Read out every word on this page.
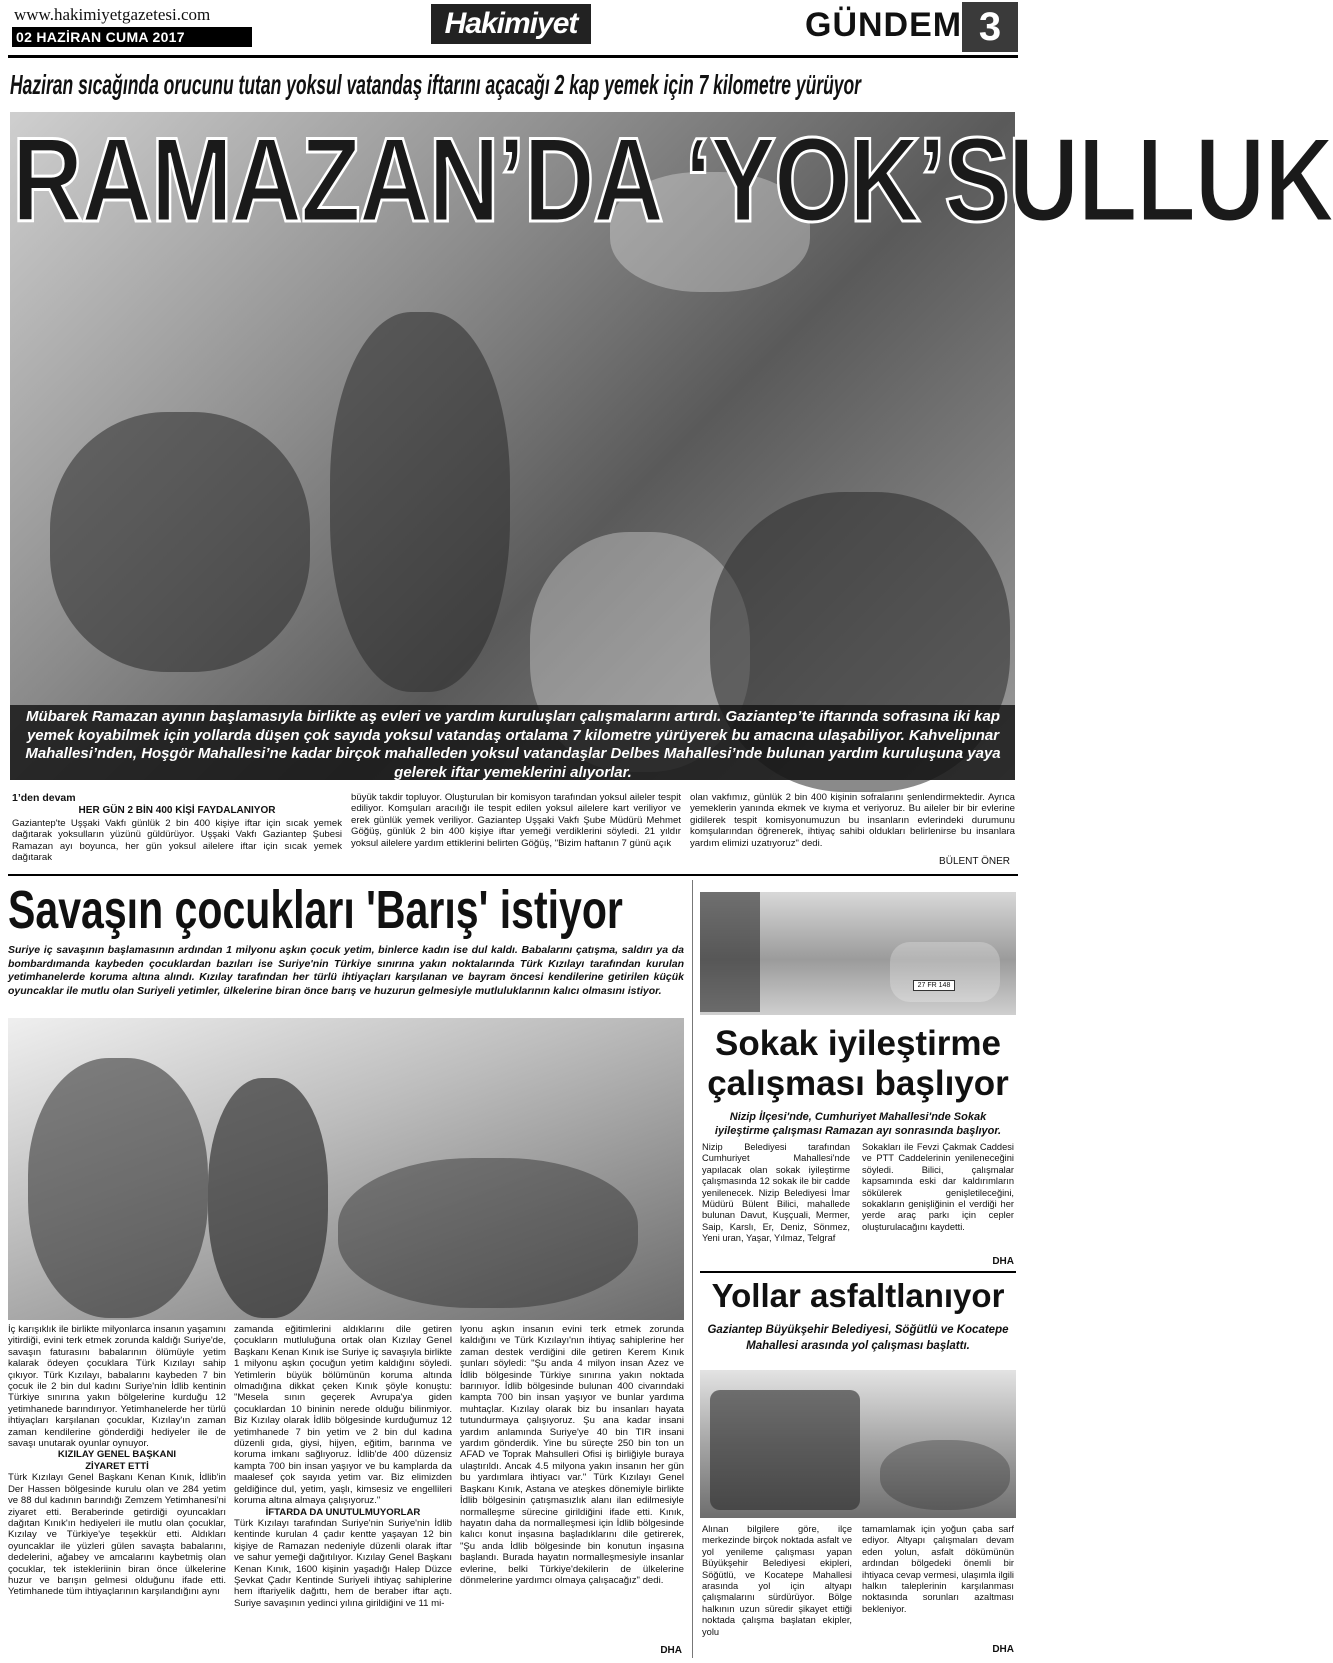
www.hakimiyetgazetesi.com
02 HAZİRAN CUMA 2017	Hakimiyet	GÜNDEM 3
Haziran sıcağında orucunu tutan yoksul vatandaş iftarını açacağı 2 kap yemek için 7 kilometre yürüyor
RAMAZAN’DA ‘YOK’SULLUK
Mübarek Ramazan ayının başlamasıyla birlikte aş evleri ve yardım kuruluşları çalışmalarını artırdı. Gaziantep’te iftarında sofrasına iki kap yemek koyabilmek için yollarda düşen çok sayıda yoksul vatandaş ortalama 7 kilometre yürüyerek bu amacına ulaşabiliyor. Kahvelipınar Mahallesi’nden, Hoşgör Mahallesi’ne kadar birçok mahalleden yoksul vatandaşlar Delbes Mahallesi’nde bulunan yardım kuruluşuna yaya gelerek iftar yemeklerini alıyorlar.
1’den devam
HER GÜN 2 BİN 400 KİŞİ FAYDALANIYOR
Gaziantep'te Uşşaki Vakfı günlük 2 bin 400 kişiye iftar için sıcak yemek dağıtarak yoksulların yüzünü güldürüyor. Uşşaki Vakfı Gaziantep Şubesi Ramazan ayı boyunca, her gün yoksul ailelere iftar için sıcak yemek dağıtarak
büyük takdir topluyor. Oluşturulan bir komisyon tarafından yoksul aileler tespit ediliyor. Komşuları aracılığı ile tespit edilen yoksul ailelere kart veriliyor ve erek günlük yemek veriliyor. Gaziantep Uşşaki Vakfı Şube Müdürü Mehmet Göğüş, günlük 2 bin 400 kişiye iftar yemeği verdiklerini söyledi. 21 yıldır yoksul ailelere yardım ettiklerini belirten Göğüş, "Bizim haftanın 7 günü açık
olan vakfımız, günlük 2 bin 400 kişinin sofralarını şenlendirmektedir. Ayrıca yemeklerin yanında ekmek ve kıyma et veriyoruz. Bu aileler bir bir evlerine gidilerek tespit komisyonumuzun bu insanların evlerindeki durumunu komşularından öğrenerek, ihtiyaç sahibi oldukları belirlenirse bu insanlara yardım elimizi uzatıyoruz" dedi.
BÜLENT ÖNER
Savaşın çocukları 'Barış' istiyor
Suriye iç savaşının başlamasının ardından 1 milyonu aşkın çocuk yetim, binlerce kadın ise dul kaldı. Babalarını çatışma, saldırı ya da bombardımanda kaybeden çocuklardan bazıları ise Suriye'nin Türkiye sınırına yakın noktalarında Türk Kızılayı tarafından kurulan yetimhanelerde koruma altına alındı. Kızılay tarafından her türlü ihtiyaçları karşılanan ve bayram öncesi kendilerine getirilen küçük oyuncaklar ile mutlu olan Suriyeli yetimler, ülkelerine biran önce barış ve huzurun gelmesiyle mutluluklarının kalıcı olmasını istiyor.

İç karışıklık ile birlikte milyonlarca insanın yaşamını yitirdiği, evini terk etmek zorunda kaldığı Suriye'de, savaşın faturasını babalarının ölümüyle yetim kalarak ödeyen çocuklara Türk Kızılayı sahip çıkıyor. Türk Kızılayı, babalarını kaybeden 7 bin çocuk ile 2 bin dul kadını Suriye'nin İdlib kentinin Türkiye sınırına yakın bölgelerine kurduğu 12 yetimhanede barındırıyor. Yetimhanelerde her türlü ihtiyaçları karşılanan çocuklar, Kızılay'ın zaman zaman kendilerine gönderdiği hediyeler ile de savaşı unutarak oyunlar oynuyor.

KIZILAY GENEL BAŞKANI

ZİYARET ETTİ

Türk Kızılayı Genel Başkanı Kenan Kınık, İdlib'in Der Hassen bölgesinde kurulu olan ve 284 yetim ve 88 dul kadının barındığı Zemzem Yetimhanesi'ni ziyaret etti. Beraberinde getirdiği oyuncakları dağıtan Kınık'ın hediyeleri ile mutlu olan çocuklar, Kızılay ve Türkiye'ye teşekkür etti. Aldıkları oyuncaklar ile yüzleri gülen savaşta babalarını, dedelerini, ağabey ve amcalarını kaybetmiş olan çocuklar, tek istekleriinin biran önce ülkelerine huzur ve barışın gelmesi olduğunu ifade etti. Yetimhanede tüm ihtiyaçlarının karşılandığını aynı

zamanda eğitimlerini aldıklarını dile getiren çocukların mutluluğuna ortak olan Kızılay Genel Başkanı Kenan Kınık ise Suriye iç savaşıyla birlikte 1 milyonu aşkın çocuğun yetim kaldığını söyledi. Yetimlerin büyük bölümünün koruma altında olmadığına dikkat çeken Kınık şöyle konuştu: "Mesela sının geçerek Avrupa'ya giden çocuklardan 10 bininin nerede olduğu bilinmiyor. Biz Kızılay olarak İdlib bölgesinde kurduğumuz 12 yetimhanede 7 bin yetim ve 2 bin dul kadına düzenli gıda, giysi, hijyen, eğitim, barınma ve koruma imkanı sağlıyoruz. İdlib'de 400 düzensiz kampta 700 bin insan yaşıyor ve bu kamplarda da maalesef çok sayıda yetim var. Biz elimizden geldiğince dul, yetim, yaşlı, kimsesiz ve engellileri koruma altına almaya çalışıyoruz."

İFTARDA DA UNUTULMUYORLAR

Türk Kızılayı tarafından Suriye'nin Suriye'nin İdlib kentinde kurulan 4 çadır kentte yaşayan 12 bin kişiye de Ramazan nedeniyle düzenli olarak iftar ve sahur yemeği dağıtılıyor. Kızılay Genel Başkanı Kenan Kınık, 1600 kişinin yaşadığı Halep Düzce Şevkat Çadır Kentinde Suriyeli ihtiyaç sahiplerine hem iftariyelik dağıttı, hem de beraber iftar açtı. Suriye savaşının yedinci yılına girildiğini ve 11 mi-

lyonu aşkın insanın evini terk etmek zorunda kaldığını ve Türk Kızılayı'nın ihtiyaç sahiplerine her zaman destek verdiğini dile getiren Kerem Kınık şunları söyledi: "Şu anda 4 milyon insan Azez ve İdlib bölgesinde Türkiye sınırına yakın noktada barınıyor. İdlib bölgesinde bulunan 400 civarındaki kampta 700 bin insan yaşıyor ve bunlar yardıma muhtaçlar. Kızılay olarak biz bu insanları hayata tutundurmaya çalışıyoruz. Şu ana kadar insani yardım anlamında Suriye'ye 40 bin TIR insani yardım gönderdik. Yine bu süreçte 250 bin ton un AFAD ve Toprak Mahsulleri Ofisi iş birliğiyle buraya ulaştırıldı. Ancak 4.5 milyona yakın insanın her gün bu yardımlara ihtiyacı var." Türk Kızılayı Genel Başkanı Kınık, Astana ve ateşkes dönemiyle birlikte İdlib bölgesinin çatışmasızlık alanı ilan edilmesiyle normalleşme sürecine girildiğini ifade etti. Kınık, hayatın daha da normalleşmesi için İdlib bölgesinde kalıcı konut inşasına başladıklarını dile getirerek, "Şu anda İdlib bölgesinde bin konutun inşasına başlandı. Burada hayatın normalleşmesiyle insanlar evlerine, belki Türkiye'dekilerin de ülkelerine dönmelerine yardımcı olmaya çalışacağız" dedi.
DHA
27 FR 148
Sokak iyileştirme
çalışması başlıyor
Nizip İlçesi'nde, Cumhuriyet Mahallesi'nde Sokak iyileştirme çalışması Ramazan ayı sonrasında başlıyor.
Nizip Belediyesi tarafından Cumhuriyet Mahallesi'nde yapılacak olan sokak iyileştirme çalışmasında 12 sokak ile bir cadde yenilenecek. Nizip Belediyesi İmar Müdürü Bülent Bilici, mahallede bulunan Davut, Kuşçuali, Mermer, Saip, Karslı, Er, Deniz, Sönmez, Yeni uran, Yaşar, Yılmaz, Telgraf
Sokakları ile Fevzi Çakmak Caddesi ve PTT Caddelerinin yenileneceğini söyledi. Bilici, çalışmalar kapsamında eski dar kaldırımların sökülerek genişletileceğini, sokakların genişliğinin el verdiği her yerde araç parkı için cepler oluşturulacağını kaydetti.
DHA
Yollar asfaltlanıyor
Gaziantep Büyükşehir Belediyesi, Söğütlü ve Kocatepe Mahallesi arasında yol çalışması başlattı.
Alınan bilgilere göre, ilçe merkezinde birçok noktada asfalt ve yol yenileme çalışması yapan Büyükşehir Belediyesi ekipleri, Söğütlü, ve Kocatepe Mahallesi arasında yol için altyapı çalışmalarını sürdürüyor. Bölge halkının uzun süredir şikayet ettiği noktada çalışma başlatan ekipler, yolu
tamamlamak için yoğun çaba sarf ediyor. Altyapı çalışmaları devam eden yolun, asfalt dökümünün ardından bölgedeki önemli bir ihtiyaca cevap vermesi, ulaşımla ilgili halkın taleplerinin karşılanması noktasında sorunları azaltması bekleniyor.
DHA
